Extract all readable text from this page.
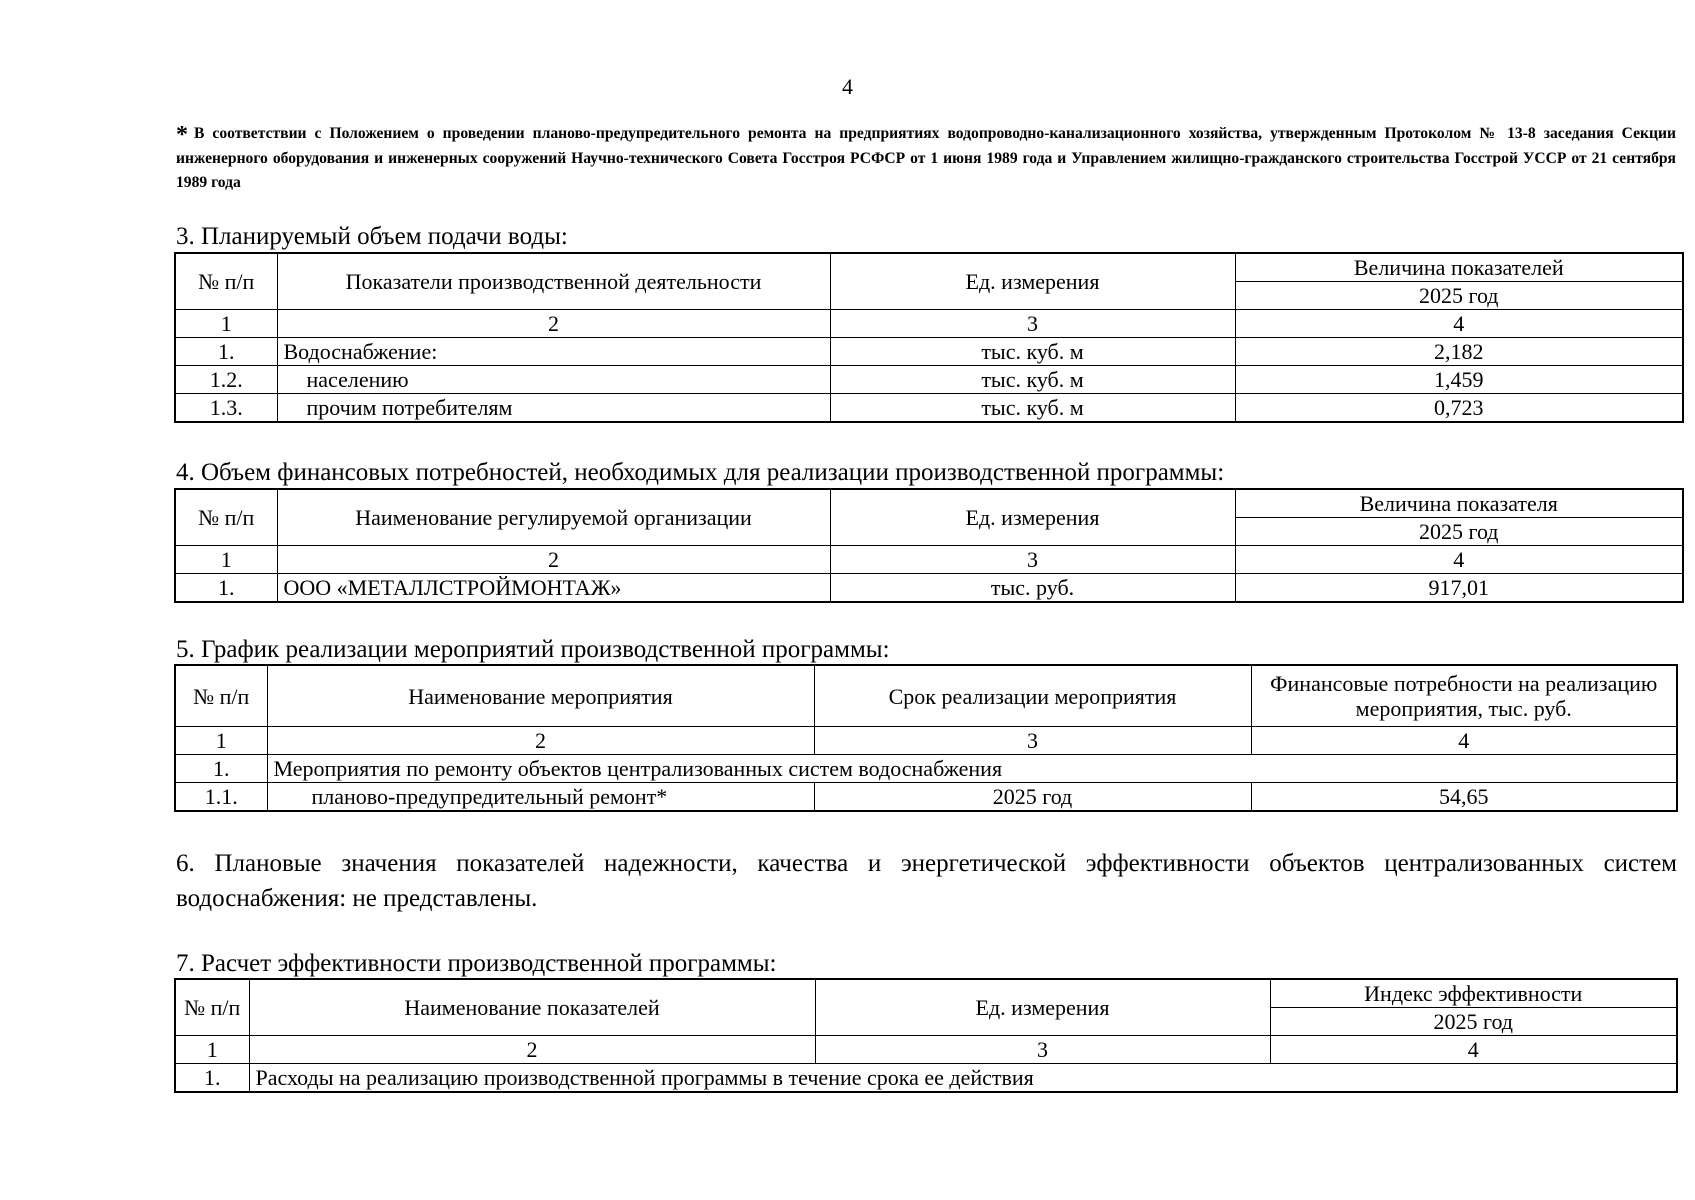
4
* В соответствии с Положением о проведении планово-предупредительного ремонта на предприятиях водопроводно-канализационного хозяйства, утвержденным Протоколом № 13-8 заседания Секции инженерного оборудования и инженерных сооружений Научно-технического Совета Госстроя РСФСР от 1 июня 1989 года и Управлением жилищно-гражданского строительства Госстрой УССР от 21 сентября 1989 года
3. Планируемый объем подачи воды:
№ п/п	Показатели производственной деятельности	Ед. измерения	Величина показателей
			2025 год
1	2	3	4
1.	Водоснабжение:	тыс. куб. м	2,182
1.2.	населению	тыс. куб. м	1,459
1.3.	прочим потребителям	тыс. куб. м	0,723
4. Объем финансовых потребностей, необходимых для реализации производственной программы:
№ п/п	Наименование регулируемой организации	Ед. измерения	Величина показателя
			2025 год
1	2	3	4
1.	ООО «МЕТАЛЛСТРОЙМОНТАЖ»	тыс. руб.	917,01
5. График реализации мероприятий производственной программы:
№ п/п	Наименование мероприятия	Срок реализации мероприятия	Финансовые потребности на реализацию мероприятия, тыс. руб.
1	2	3	4
1.	Мероприятия по ремонту объектов централизованных систем водоснабжения		
1.1.	планово-предупредительный ремонт*	2025 год	54,65
6. Плановые значения показателей надежности, качества и энергетической эффективности объектов централизованных систем водоснабжения: не представлены.
7. Расчет эффективности производственной программы:
№ п/п	Наименование показателей	Ед. измерения	Индекс эффективности
			2025 год
1	2	3	4
1.	Расходы на реализацию производственной программы в течение срока ее действия		
